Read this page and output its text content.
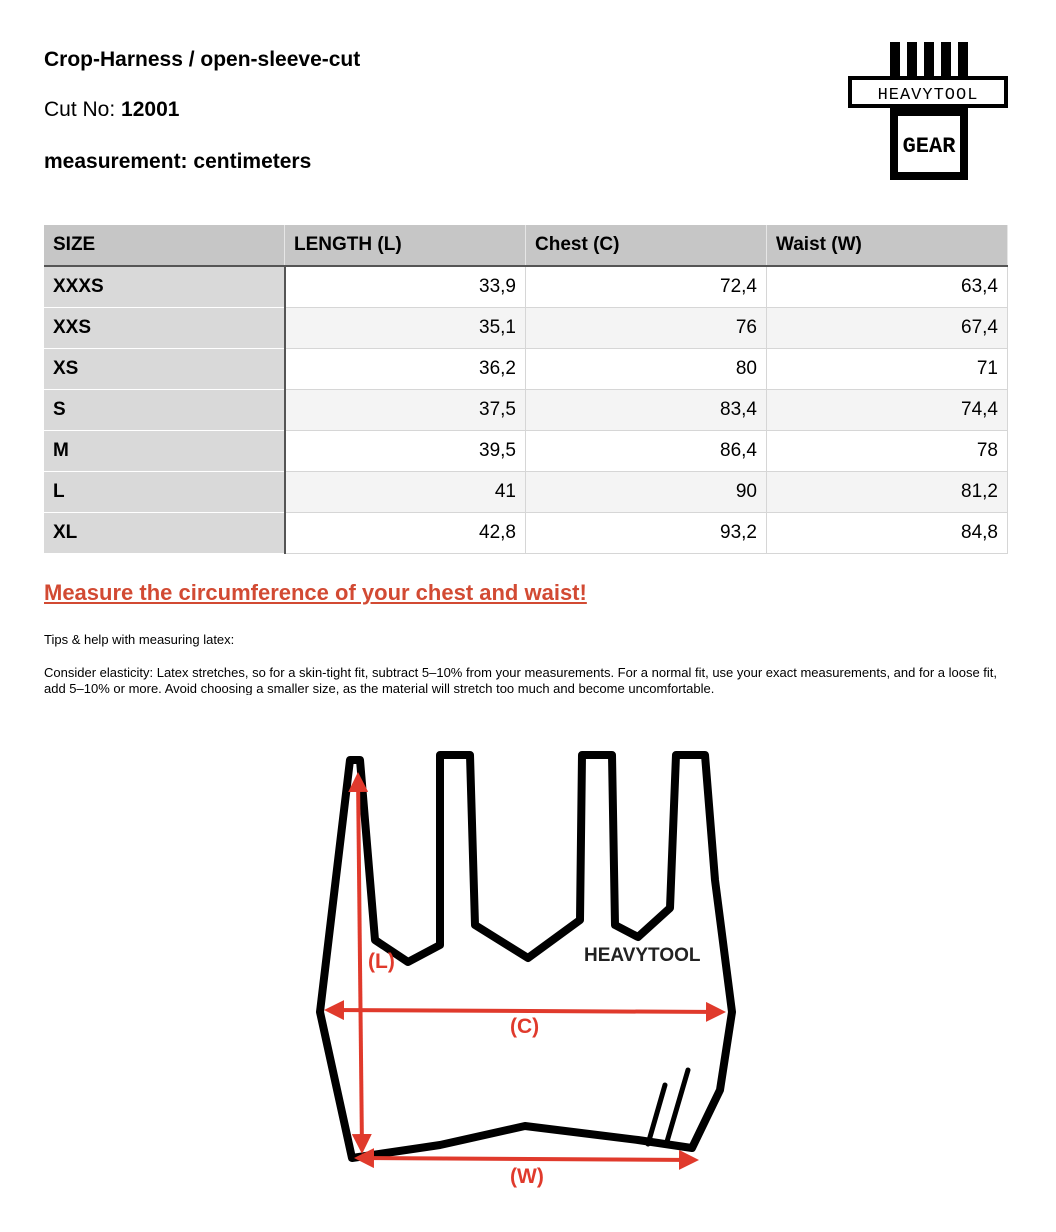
Crop-Harness / open-sleeve-cut
Cut No: 12001
measurement: centimeters
HEAVYTOOL
GEAR
SIZE	LENGTH (L)	Chest (C)	Waist (W)
XXXS	33,9	72,4	63,4
XXS	35,1	76	67,4
XS	36,2	80	71
S	37,5	83,4	74,4
M	39,5	86,4	78
L	41	90	81,2
XL	42,8	93,2	84,8
Measure the circumference of your chest and waist!
Tips & help with measuring latex:
Consider elasticity: Latex stretches, so for a skin-tight fit, subtract 5–10% from your measurements. For a normal fit, use your exact measurements, and for a loose fit, add 5–10% or more. Avoid choosing a smaller size, as the material will stretch too much and become uncomfortable.
(L)
(C)
(W)
HEAVYTOOL
